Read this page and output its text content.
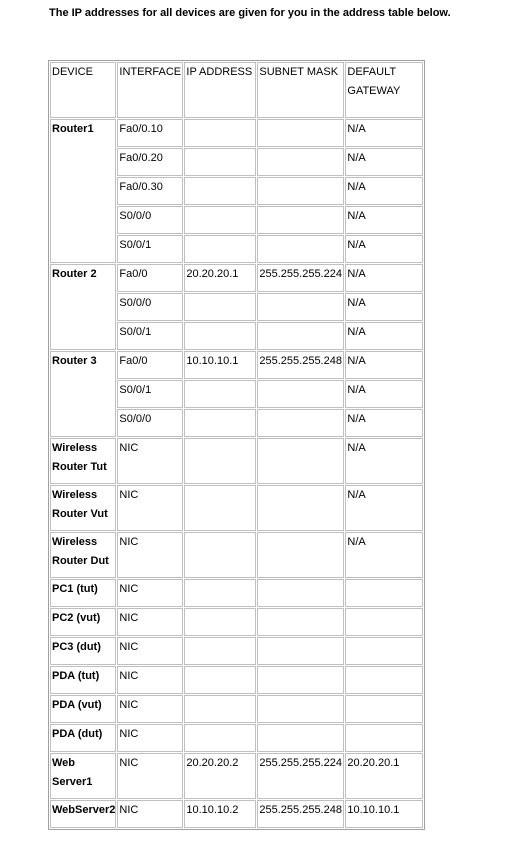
The IP addresses for all devices are given for you in the address table below.
DEVICE	INTERFACE	IP ADDRESS	SUBNET MASK	DEFAULT
GATEWAY
Router1	Fa0/0.10			N/A
	Fa0/0.20			N/A
	Fa0/0.30			N/A
	S0/0/0			N/A
	S0/0/1			N/A
Router 2	Fa0/0	20.20.20.1	255.255.255.224	N/A
	S0/0/0			N/A
	S0/0/1			N/A
Router 3	Fa0/0	10.10.10.1	255.255.255.248	N/A
	S0/0/1			N/A
	S0/0/0			N/A
Wireless
Router Tut	NIC			N/A
Wireless
Router Vut	NIC			N/A
Wireless
Router Dut	NIC			N/A
PC1 (tut)	NIC			
PC2 (vut)	NIC			
PC3 (dut)	NIC			
PDA (tut)	NIC			
PDA (vut)	NIC			
PDA (dut)	NIC			
Web
Server1	NIC	20.20.20.2	255.255.255.224	20.20.20.1
WebServer2	NIC	10.10.10.2	255.255.255.248	10.10.10.1
